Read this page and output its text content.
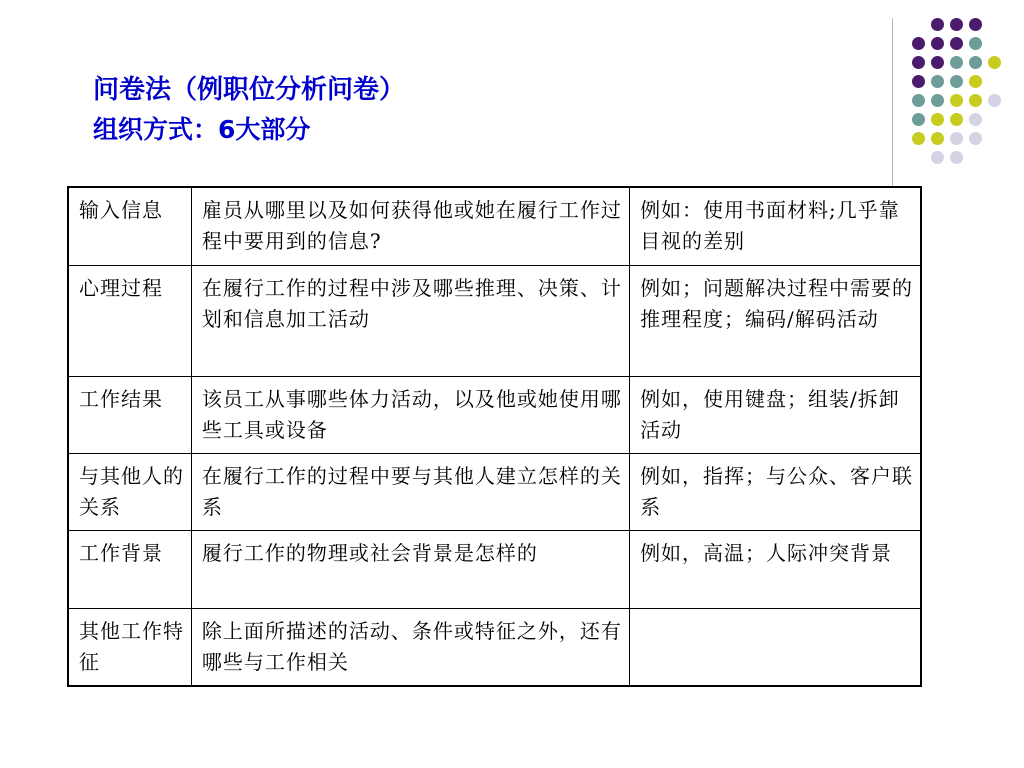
问卷法（例职位分析问卷）
组织方式：6大部分
输入信息	雇员从哪里以及如何获得他或她在履行工作过程中要用到的信息?	例如：使用书面材料;几乎靠目视的差别
心理过程	在履行工作的过程中涉及哪些推理、决策、计划和信息加工活动	例如；问题解决过程中需要的推理程度；编码/解码活动
工作结果	该员工从事哪些体力活动，以及他或她使用哪些工具或设备	例如，使用键盘；组装/拆卸活动
与其他人的关系	在履行工作的过程中要与其他人建立怎样的关系	例如，指挥；与公众、客户联系
工作背景	履行工作的物理或社会背景是怎样的	例如，高温；人际冲突背景
其他工作特征	除上面所描述的活动、条件或特征之外，还有哪些与工作相关	
